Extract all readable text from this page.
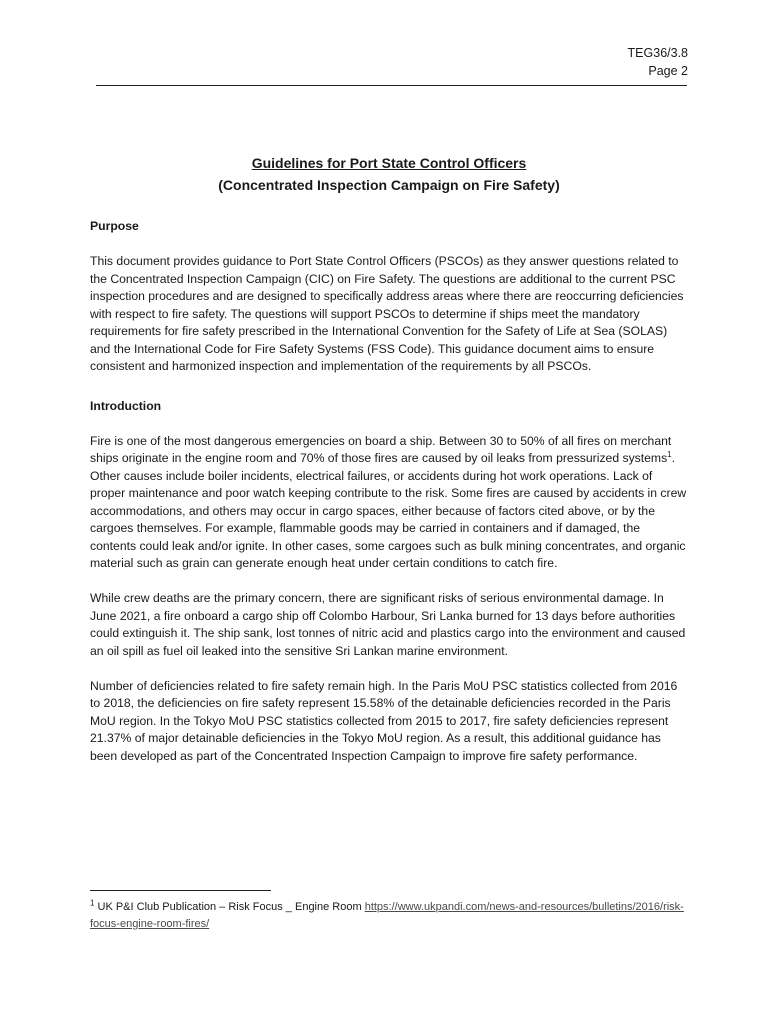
TEG36/3.8
Page 2
Guidelines for Port State Control Officers
(Concentrated Inspection Campaign on Fire Safety)
Purpose

This document provides guidance to Port State Control Officers (PSCOs) as they answer questions related to the Concentrated Inspection Campaign (CIC) on Fire Safety. The questions are additional to the current PSC inspection procedures and are designed to specifically address areas where there are reoccurring deficiencies with respect to fire safety. The questions will support PSCOs to determine if ships meet the mandatory requirements for fire safety prescribed in the International Convention for the Safety of Life at Sea (SOLAS) and the International Code for Fire Safety Systems (FSS Code). This guidance document aims to ensure consistent and harmonized inspection and implementation of the requirements by all PSCOs.

Introduction

Fire is one of the most dangerous emergencies on board a ship. Between 30 to 50% of all fires on merchant ships originate in the engine room and 70% of those fires are caused by oil leaks from pressurized systems$^1$. Other causes include boiler incidents, electrical failures, or accidents during hot work operations. Lack of proper maintenance and poor watch keeping contribute to the risk. Some fires are caused by accidents in crew accommodations, and others may occur in cargo spaces, either because of factors cited above, or by the cargoes themselves. For example, flammable goods may be carried in containers and if damaged, the contents could leak and/or ignite. In other cases, some cargoes such as bulk mining concentrates, and organic material such as grain can generate enough heat under certain conditions to catch fire.

While crew deaths are the primary concern, there are significant risks of serious environmental damage. In June 2021, a fire onboard a cargo ship off Colombo Harbour, Sri Lanka burned for 13 days before authorities could extinguish it. The ship sank, lost tonnes of nitric acid and plastics cargo into the environment and caused an oil spill as fuel oil leaked into the sensitive Sri Lankan marine environment.

Number of deficiencies related to fire safety remain high. In the Paris MoU PSC statistics collected from 2016 to 2018, the deficiencies on fire safety represent 15.58% of the detainable deficiencies recorded in the Paris MoU region. In the Tokyo MoU PSC statistics collected from 2015 to 2017, fire safety deficiencies represent 21.37% of major detainable deficiencies in the Tokyo MoU region. As a result, this additional guidance has been developed as part of the Concentrated Inspection Campaign to improve fire safety performance.

$^1$ UK P&I Club Publication – Risk Focus _ Engine Room https://www.ukpandi.com/news-and-resources/bulletins/2016/risk-focus-engine-room-fires/
